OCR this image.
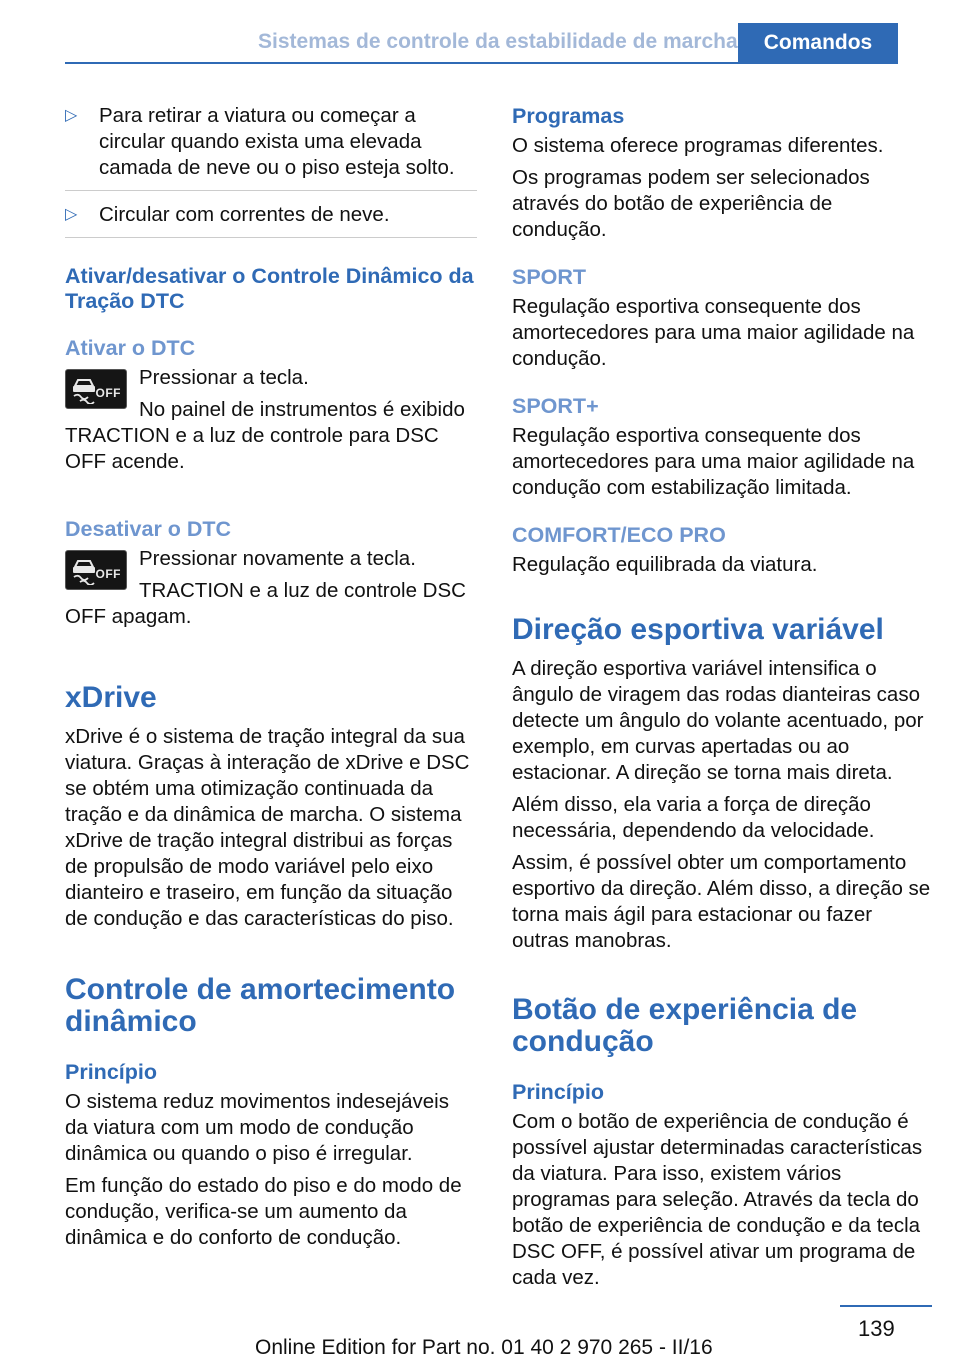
Sistemas de controle da estabilidade de marcha	Comandos
▷ Para retirar a viatura ou começar a circular quando exista uma elevada camada de neve ou o piso esteja solto.
▷ Circular com correntes de neve.
Ativar/desativar o Controle Dinâmico da Tração DTC
Ativar o DTC
OFF

Pressionar a tecla.

No painel de instrumentos é exibido TRACTION e a luz de controle para DSC OFF acende.

Desativar o DTC
OFF

Pressionar novamente a tecla.

TRACTION e a luz de controle DSC OFF apagam.

xDrive

xDrive é o sistema de tração integral da sua viatura. Graças à interação de xDrive e DSC se obtém uma otimização continuada da tração e da dinâmica de marcha. O sistema xDrive de tração integral distribui as forças de propulsão de modo variável pelo eixo dianteiro e traseiro, em função da situação de condução e das características do piso.

Controle de amortecimento dinâmico
Princípio

O sistema reduz movimentos indesejáveis da viatura com um modo de condução dinâmica ou quando o piso é irregular.

Em função do estado do piso e do modo de condução, verifica-se um aumento da dinâmica e do conforto de condução.

Programas

O sistema oferece programas diferentes.

Os programas podem ser selecionados através do botão de experiência de condução.

SPORT

Regulação esportiva consequente dos amortecedores para uma maior agilidade na condução.

SPORT+

Regulação esportiva consequente dos amortecedores para uma maior agilidade na condução com estabilização limitada.

COMFORT/ECO PRO

Regulação equilibrada da viatura.

Direção esportiva variável

A direção esportiva variável intensifica o ângulo de viragem das rodas dianteiras caso detecte um ângulo do volante acentuado, por exemplo, em curvas apertadas ou ao estacionar. A direção se torna mais direta.

Além disso, ela varia a força de direção necessária, dependendo da velocidade.

Assim, é possível obter um comportamento esportivo da direção. Além disso, a direção se torna mais ágil para estacionar ou fazer outras manobras.

Botão de experiência de condução
Princípio

Com o botão de experiência de condução é possível ajustar determinadas características da viatura. Para isso, existem vários programas para seleção. Através da tecla do botão de experiência de condução e da tecla DSC OFF, é possível ativar um programa de cada vez.

139
Online Edition for Part no. 01 40 2 970 265 - II/16
